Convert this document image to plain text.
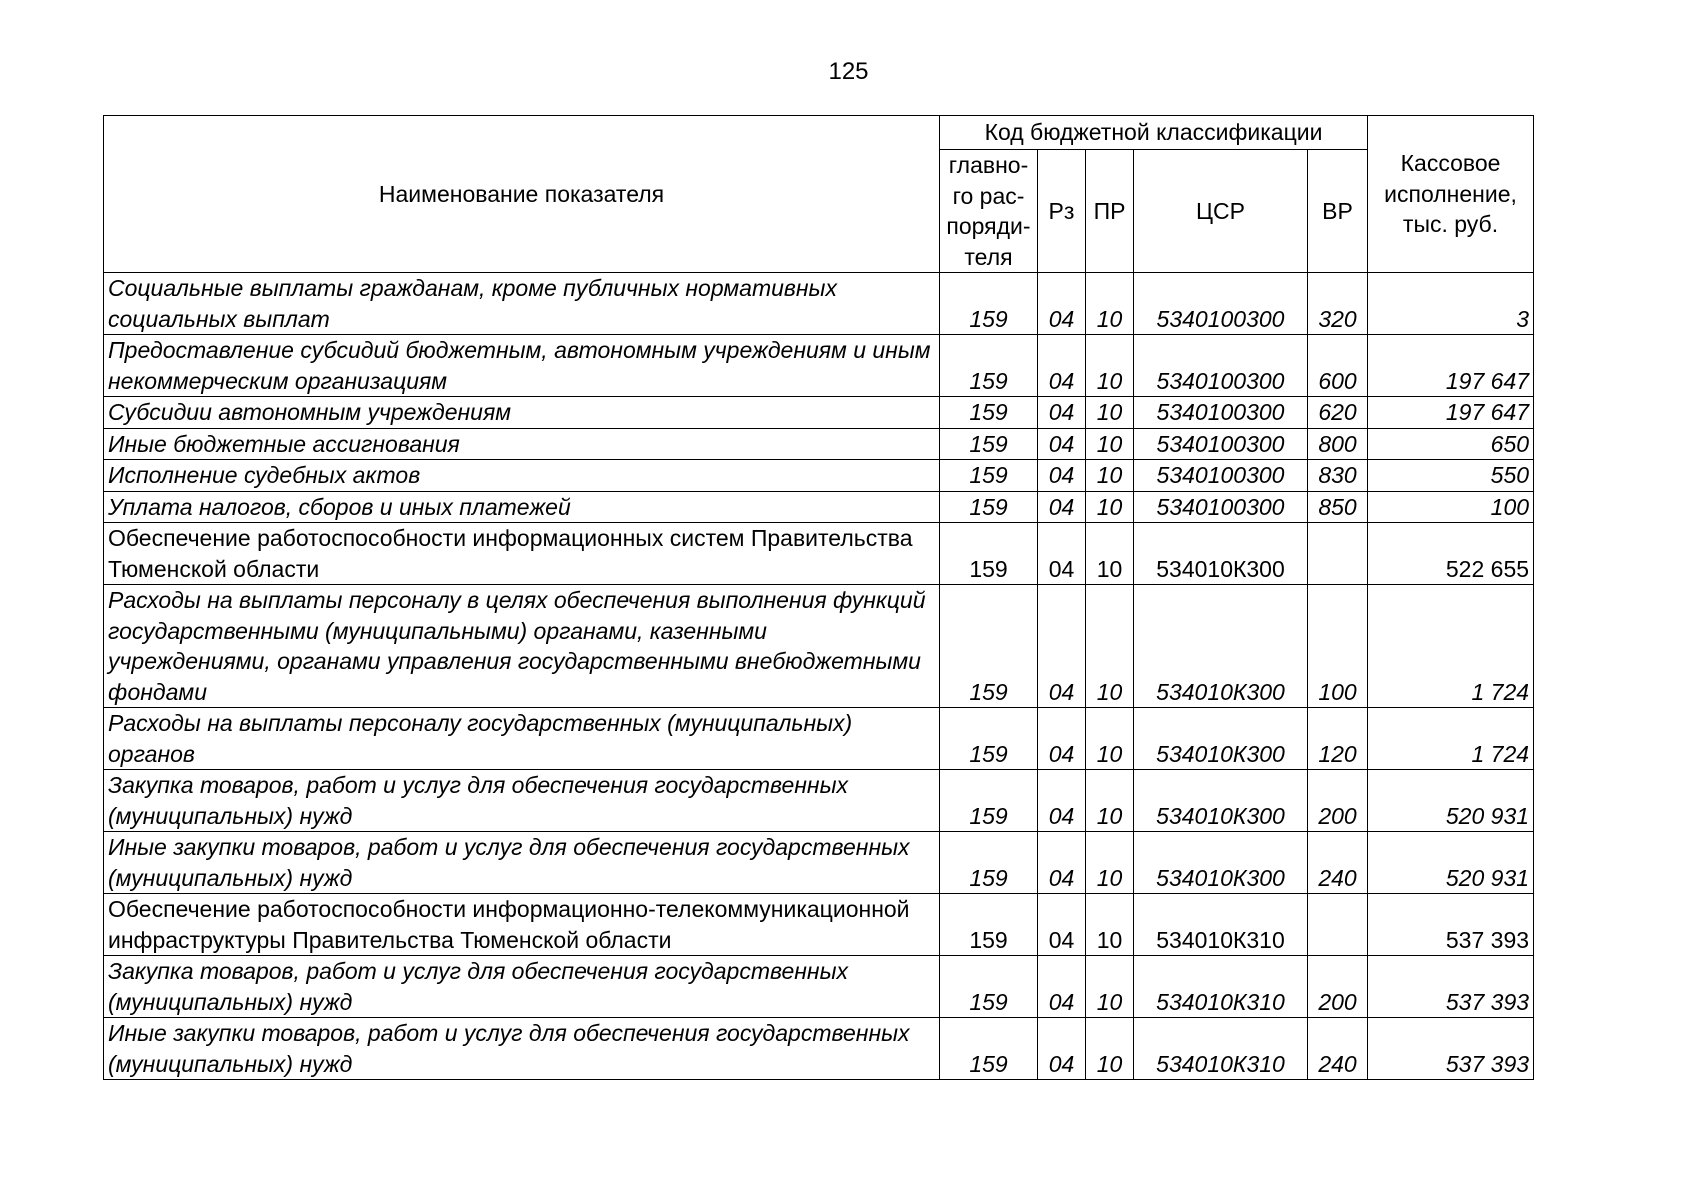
125
Наименование показателя	Код бюджетной классификации					Кассовое исполнение, тыс. руб.
	главно-го рас-поряди-теля	Рз	ПР	ЦСР	ВР	
Социальные выплаты гражданам, кроме публичных нормативных социальных выплат	159	04	10	5340100300	320	3
Предоставление субсидий бюджетным, автономным учреждениям и иным некоммерческим организациям	159	04	10	5340100300	600	197 647
Субсидии автономным учреждениям	159	04	10	5340100300	620	197 647
Иные бюджетные ассигнования	159	04	10	5340100300	800	650
Исполнение судебных актов	159	04	10	5340100300	830	550
Уплата налогов, сборов и иных платежей	159	04	10	5340100300	850	100
Обеспечение работоспособности информационных систем Правительства Тюменской области	159	04	10	534010К300		522 655
Расходы на выплаты персоналу в целях обеспечения выполнения функций государственными (муниципальными) органами, казенными учреждениями, органами управления государственными внебюджетными фондами	159	04	10	534010К300	100	1 724
Расходы на выплаты персоналу государственных (муниципальных) органов	159	04	10	534010К300	120	1 724
Закупка товаров, работ и услуг для обеспечения государственных (муниципальных) нужд	159	04	10	534010К300	200	520 931
Иные закупки товаров, работ и услуг для обеспечения государственных (муниципальных) нужд	159	04	10	534010К300	240	520 931
Обеспечение работоспособности информационно-телекоммуникационной инфраструктуры Правительства Тюменской области	159	04	10	534010К310		537 393
Закупка товаров, работ и услуг для обеспечения государственных (муниципальных) нужд	159	04	10	534010К310	200	537 393
Иные закупки товаров, работ и услуг для обеспечения государственных (муниципальных) нужд	159	04	10	534010К310	240	537 393
